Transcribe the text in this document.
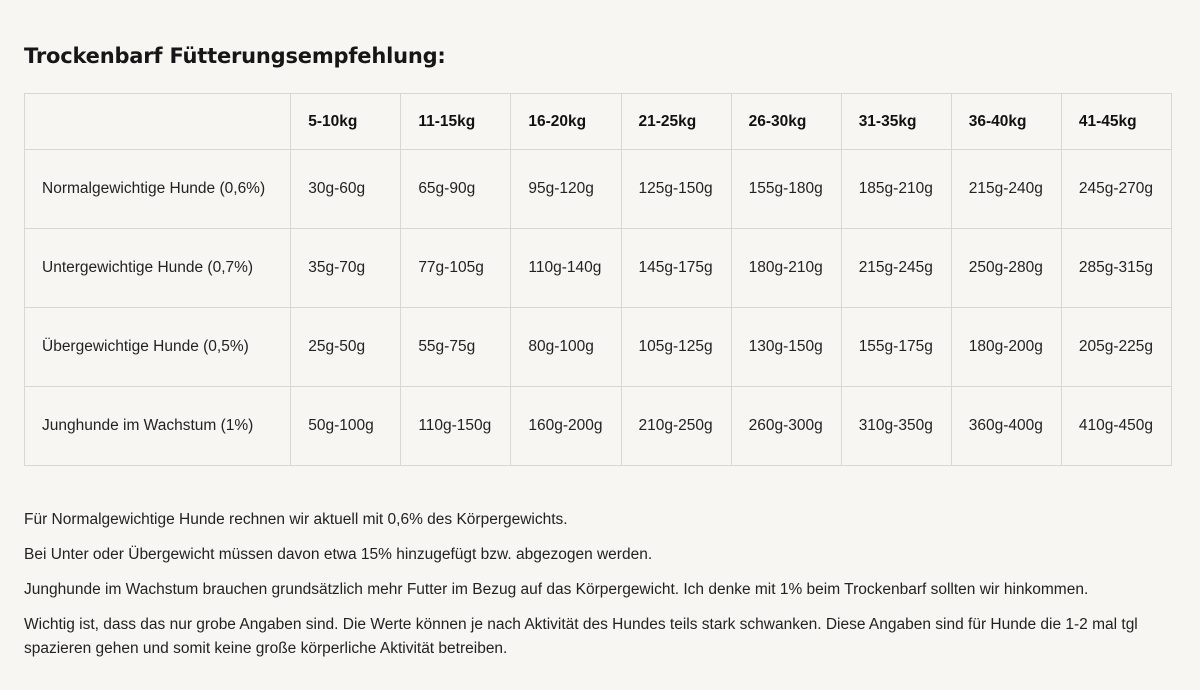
Trockenbarf Fütterungsempfehlung:
	5-10kg	11-15kg	16-20kg	21-25kg	26-30kg	31-35kg	36-40kg	41-45kg
Normalgewichtige Hunde (0,6%)	30g-60g	65g-90g	95g-120g	125g-150g	155g-180g	185g-210g	215g-240g	245g-270g
Untergewichtige Hunde (0,7%)	35g-70g	77g-105g	110g-140g	145g-175g	180g-210g	215g-245g	250g-280g	285g-315g
Übergewichtige Hunde (0,5%)	25g-50g	55g-75g	80g-100g	105g-125g	130g-150g	155g-175g	180g-200g	205g-225g
Junghunde im Wachstum (1%)	50g-100g	110g-150g	160g-200g	210g-250g	260g-300g	310g-350g	360g-400g	410g-450g

Für Normalgewichtige Hunde rechnen wir aktuell mit 0,6% des Körpergewichts.

Bei Unter oder Übergewicht müssen davon etwa 15% hinzugefügt bzw. abgezogen werden.

Junghunde im Wachstum brauchen grundsätzlich mehr Futter im Bezug auf das Körpergewicht. Ich denke mit 1% beim Trockenbarf sollten wir hinkommen.

Wichtig ist, dass das nur grobe Angaben sind. Die Werte können je nach Aktivität des Hundes teils stark schwanken. Diese Angaben sind für Hunde die 1-2 mal tgl spazieren gehen und somit keine große körperliche Aktivität betreiben.
